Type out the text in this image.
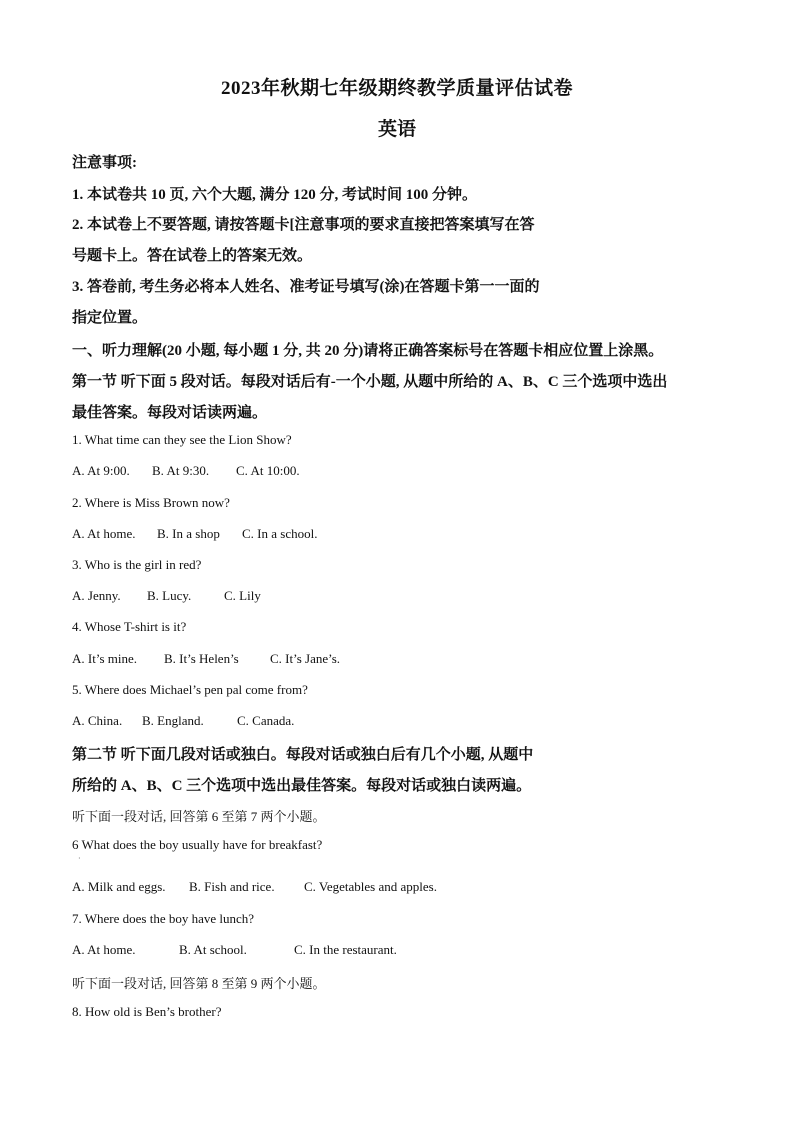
2023年秋期七年级期终教学质量评估试卷
英语
注意事项:
1. 本试卷共 10 页, 六个大题, 满分 120 分, 考试时间 100 分钟。
2. 本试卷上不要答题, 请按答题卡[注意事项的要求直接把答案填写在答
号题卡上。答在试卷上的答案无效。
3. 答卷前, 考生务必将本人姓名、准考证号填写(涂)在答题卡第一一面的
指定位置。
一、听力理解(20 小题, 每小题 1 分, 共 20 分)请将正确答案标号在答题卡相应位置上涂黑。
第一节 听下面 5 段对话。每段对话后有-一个小题, 从题中所给的 A、B、C 三个选项中选出
最佳答案。每段对话读两遍。
1. What time can they see the Lion Show?
A. At 9:00. B. At 9:30. C. At 10:00.
2. Where is Miss Brown now?
A. At home. B. In a shop C. In a school.
3. Who is the girl in red?
A. Jenny. B. Lucy.	C. Lily
4. Whose T-shirt is it?
A. It’s mine. B. It’s Helen’s C. It’s Jane’s.
5. Where does Michael’s pen pal come from?
A. China. B. England.	C. Canada.
第二节 听下面几段对话或独白。每段对话或独白后有几个小题, 从题中
所给的 A、B、C 三个选项中选出最佳答案。每段对话或独白读两遍。
听下面一段对话, 回答第 6 至第 7 两个小题。
6 What does the boy usually have for breakfast?
·
A. Milk and eggs. B. Fish and rice. C. Vegetables and apples.
7. Where does the boy have lunch?
A. At home.	B. At school.	C. In the restaurant.
听下面一段对话, 回答第 8 至第 9 两个小题。
8. How old is Ben’s brother?
